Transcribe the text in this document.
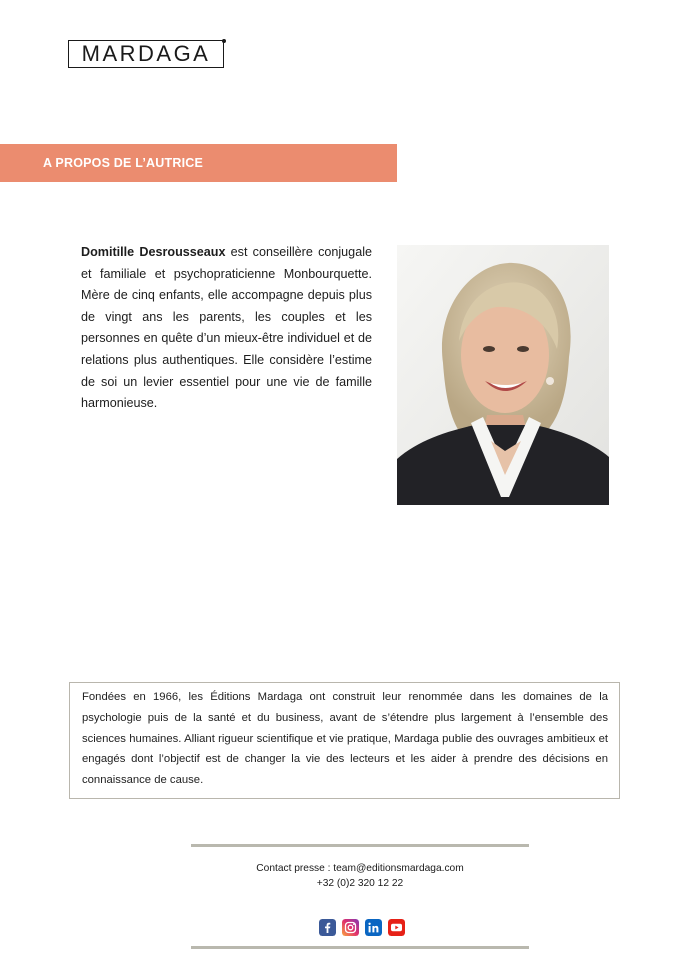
MARDAGA
A PROPOS DE L’AUTRICE
Domitille Desrousseaux est conseillère conjugale et familiale et psychopraticienne Monbourquette. Mère de cinq enfants, elle accompagne depuis plus de vingt ans les parents, les couples et les personnes en quête d’un mieux-être individuel et de relations plus authentiques. Elle considère l’estime de soi un levier essentiel pour une vie de famille harmonieuse.
Fondées en 1966, les Éditions Mardaga ont construit leur renommée dans les domaines de la psychologie puis de la santé et du business, avant de s’étendre plus largement à l’ensemble des sciences humaines. Alliant rigueur scientifique et vie pratique, Mardaga publie des ouvrages ambitieux et engagés dont l’objectif est de changer la vie des lecteurs et les aider à prendre des décisions en connaissance de cause.
Contact presse : team@editionsmardaga.com
+32 (0)2 320 12 22
